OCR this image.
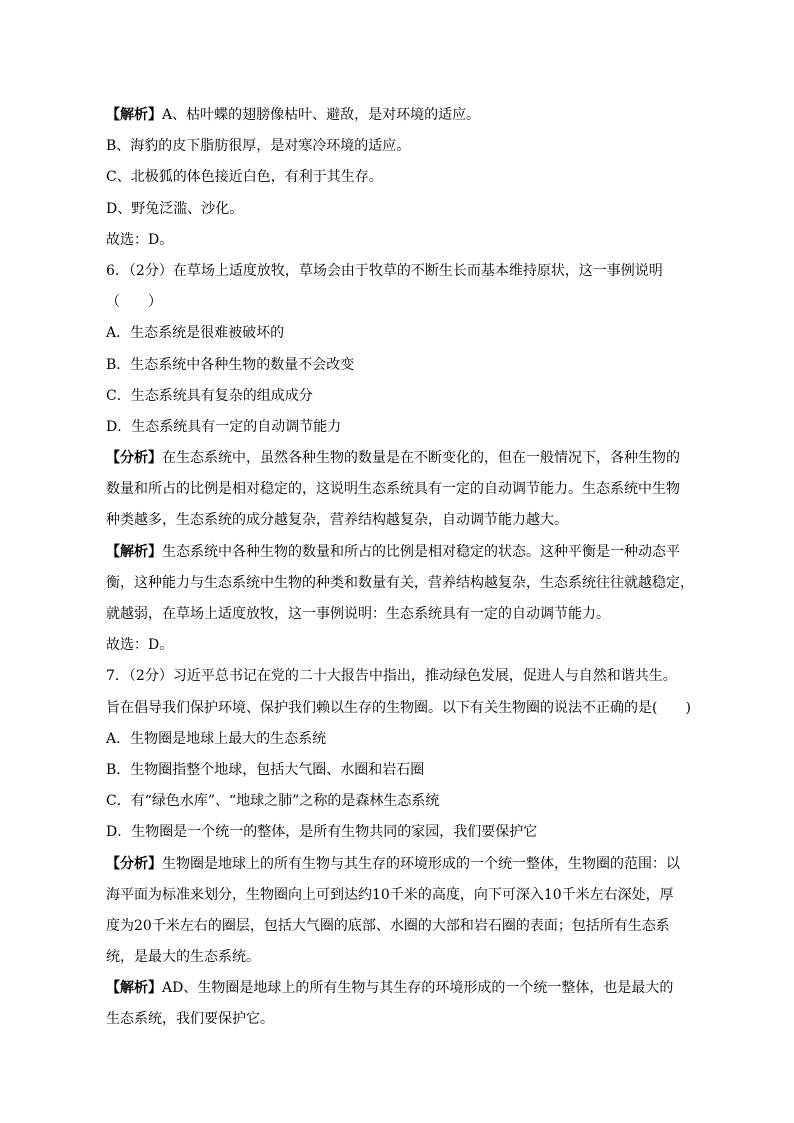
【解析】A、枯叶蝶的翅膀像枯叶、避敌，是对环境的适应。
B、海豹的皮下脂肪很厚，是对寒冷环境的适应。
C、北极狐的体色接近白色，有利于其生存。
D、野兔泛滥、沙化。
故选：D。
6．（2分）在草场上适度放牧，草场会由于牧草的不断生长而基本维持原状，这一事例说明
（　　）
A．生态系统是很难被破坏的
B．生态系统中各种生物的数量不会改变
C．生态系统具有复杂的组成成分
D．生态系统具有一定的自动调节能力
【分析】在生态系统中，虽然各种生物的数量是在不断变化的，但在一般情况下，各种生物的
数量和所占的比例是相对稳定的，这说明生态系统具有一定的自动调节能力。生态系统中生物
种类越多，生态系统的成分越复杂，营养结构越复杂，自动调节能力越大。
【解析】生态系统中各种生物的数量和所占的比例是相对稳定的状态。这种平衡是一种动态平
衡，这种能力与生态系统中生物的种类和数量有关，营养结构越复杂，生态系统往往就越稳定，
就越弱，在草场上适度放牧，这一事例说明：生态系统具有一定的自动调节能力。
故选：D。
7．（2分）习近平总书记在党的二十大报告中指出，推动绿色发展，促进人与自然和谐共生。
旨在倡导我们保护环境、保护我们赖以生存的生物圈。以下有关生物圈的说法不正确的是(　　)
A．生物圈是地球上最大的生态系统
B．生物圈指整个地球，包括大气圈、水圈和岩石圈
C．有“绿色水库”、“地球之肺”之称的是森林生态系统
D．生物圈是一个统一的整体，是所有生物共同的家园，我们要保护它
【分析】生物圈是地球上的所有生物与其生存的环境形成的一个统一整体，生物圈的范围：以
海平面为标准来划分，生物圈向上可到达约10千米的高度，向下可深入10千米左右深处，厚
度为20千米左右的圈层，包括大气圈的底部、水圈的大部和岩石圈的表面；包括所有生态系
统，是最大的生态系统。
【解析】AD、生物圈是地球上的所有生物与其生存的环境形成的一个统一整体，也是最大的
生态系统，我们要保护它。
